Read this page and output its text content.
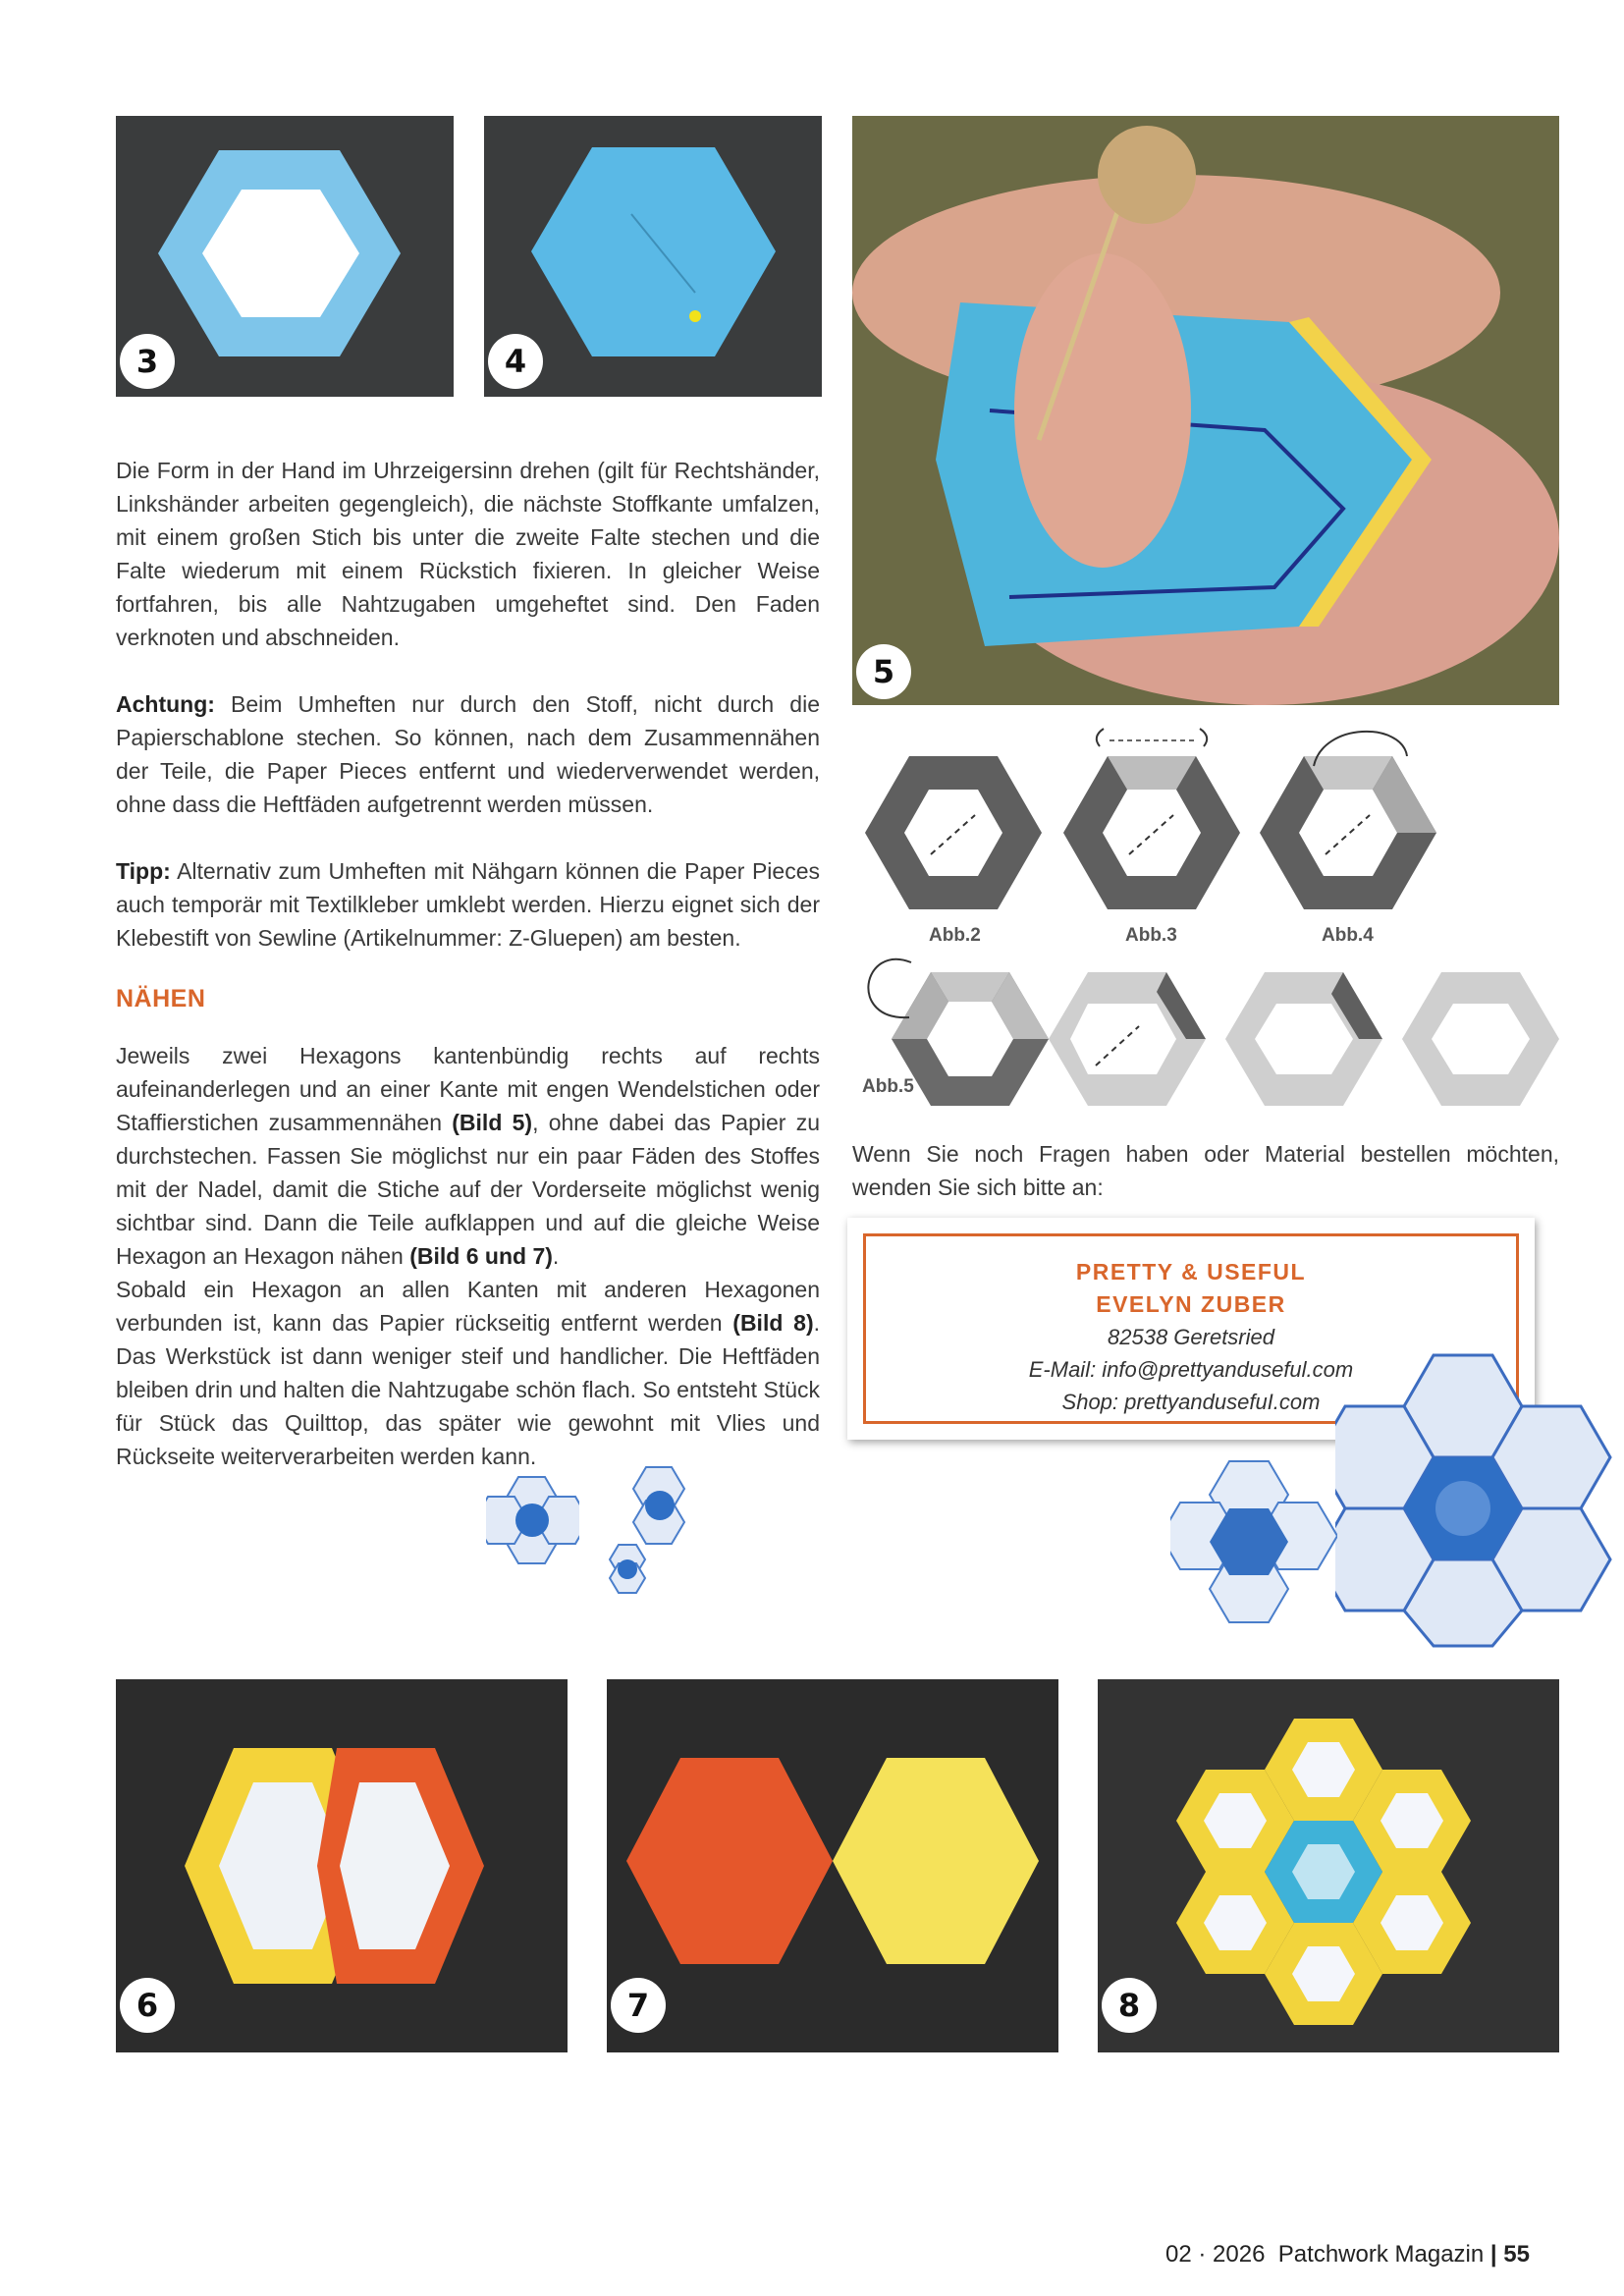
3	4
5

Die Form in der Hand im Uhrzeigersinn drehen (gilt für Rechtshänder, Linkshänder arbeiten gegengleich), die nächste Stoffkante umfalzen, mit einem großen Stich bis unter die zweite Falte stechen und die Falte wiederum mit einem Rückstich fixieren. In gleicher Weise fortfahren, bis alle Nahtzugaben umgeheftet sind. Den Faden verknoten und abschneiden.

Achtung: Beim Umheften nur durch den Stoff, nicht durch die Papierschablone stechen. So können, nach dem Zusammennähen der Teile, die Paper Pieces entfernt und wiederverwendet werden, ohne dass die Heftfäden aufgetrennt werden müssen.

Tipp: Alternativ zum Umheften mit Nähgarn können die Paper Pieces auch temporär mit Textilkleber umklebt werden. Hierzu eignet sich der Klebestift von Sewline (Artikelnummer: Z-Gluepen) am besten.

NÄHEN

Jeweils zwei Hexagons kantenbündig rechts auf rechts aufeinanderlegen und an einer Kante mit engen Wendelstichen oder Staffierstichen zusammennähen (Bild 5), ohne dabei das Papier zu durchstechen. Fassen Sie möglichst nur ein paar Fäden des Stoffes mit der Nadel, damit die Stiche auf der Vorderseite möglichst wenig sichtbar sind. Dann die Teile aufklappen und auf die gleiche Weise Hexagon an Hexagon nähen (Bild 6 und 7).
Sobald ein Hexagon an allen Kanten mit anderen Hexagonen verbunden ist, kann das Papier rückseitig entfernt werden (Bild 8). Das Werkstück ist dann weniger steif und handlicher. Die Heftfäden bleiben drin und halten die Nahtzugabe schön flach. So entsteht Stück für Stück das Quilttop, das später wie gewohnt mit Vlies und Rückseite weiterverarbeiten werden kann.

Abb.2	Abb.3	Abb.4
Abb.5
Wenn Sie noch Fragen haben oder Material bestellen möchten, wenden Sie sich bitte an:
PRETTY & USEFUL
EVELYN ZUBER
82538 Geretsried
E-Mail: info@prettyanduseful.com
Shop: prettyandusefuI.com
6	7	8
02 · 2026 Patchwork Magazin | 55
